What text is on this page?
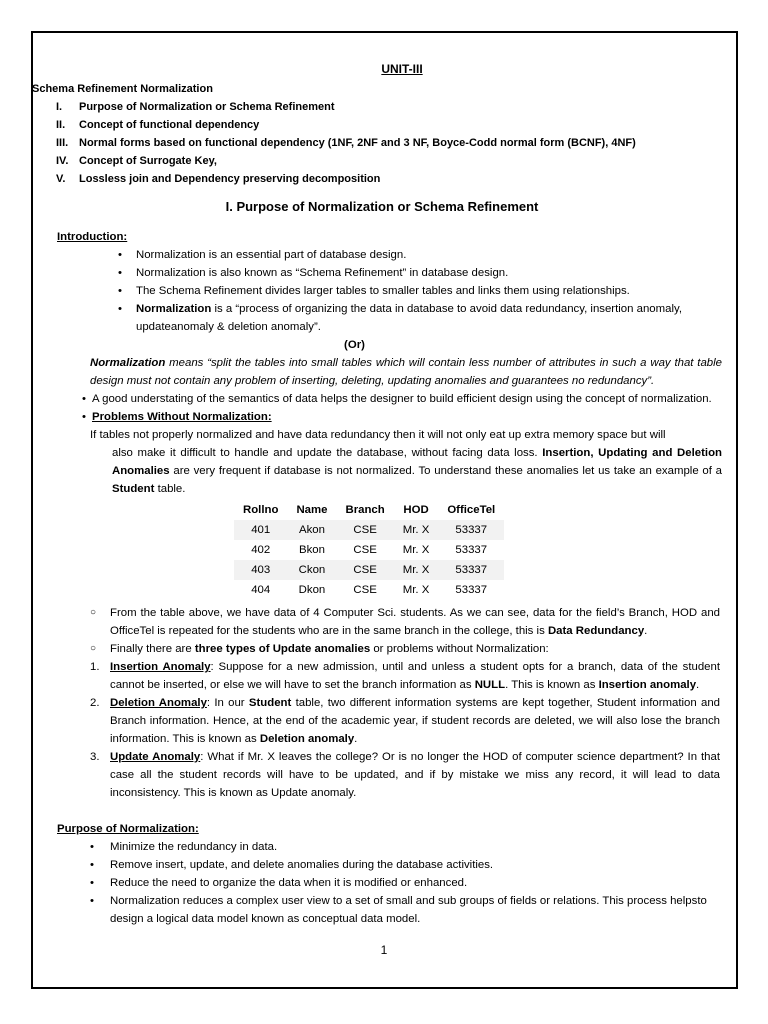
UNIT-III
Schema Refinement Normalization
I. Purpose of Normalization or Schema Refinement
II. Concept of functional dependency
III. Normal forms based on functional dependency (1NF, 2NF and 3 NF, Boyce-Codd normal form (BCNF), 4NF)
IV. Concept of Surrogate Key,
V. Lossless join and Dependency preserving decomposition
I. Purpose of Normalization or Schema Refinement
Introduction:
• Normalization is an essential part of database design.
• Normalization is also known as “Schema Refinement” in database design.
• The Schema Refinement divides larger tables to smaller tables and links them using relationships.
• Normalization is a “process of organizing the data in database to avoid data redundancy, insertion anomaly, updateanomaly & deletion anomaly”.
(Or)
Normalization means “split the tables into small tables which will contain less number of attributes in such a way that table design must not contain any problem of inserting, deleting, updating anomalies and guarantees no redundancy”.
• A good understating of the semantics of data helps the designer to build efficient design using the concept of normalization.
• Problems Without Normalization:
If tables not properly normalized and have data redundancy then it will not only eat up extra memory space but will
also make it difficult to handle and update the database, without facing data loss. Insertion, Updating and Deletion Anomalies are very frequent if database is not normalized. To understand these anomalies let us take an example of a Student table.
Rollno	Name	Branch	HOD	OfficeTel
401	Akon	CSE	Mr. X	53337
402	Bkon	CSE	Mr. X	53337
403	Ckon	CSE	Mr. X	53337
404	Dkon	CSE	Mr. X	53337
○ From the table above, we have data of 4 Computer Sci. students. As we can see, data for the field’s Branch, HOD and OfficeTel is repeated for the students who are in the same branch in the college, this is Data Redundancy.
○ Finally there are three types of Update anomalies or problems without Normalization:
1. Insertion Anomaly: Suppose for a new admission, until and unless a student opts for a branch, data of the student cannot be inserted, or else we will have to set the branch information as NULL. This is known as Insertion anomaly.
2. Deletion Anomaly: In our Student table, two different information systems are kept together, Student information and Branch information. Hence, at the end of the academic year, if student records are deleted, we will also lose the branch information. This is known as Deletion anomaly.
3. Update Anomaly: What if Mr. X leaves the college? Or is no longer the HOD of computer science department? In that case all the student records will have to be updated, and if by mistake we miss any record, it will lead to data inconsistency. This is known as Update anomaly.
Purpose of Normalization:
• Minimize the redundancy in data.
• Remove insert, update, and delete anomalies during the database activities.
• Reduce the need to organize the data when it is modified or enhanced.
• Normalization reduces a complex user view to a set of small and sub groups of fields or relations. This process helpsto design a logical data model known as conceptual data model.
1
